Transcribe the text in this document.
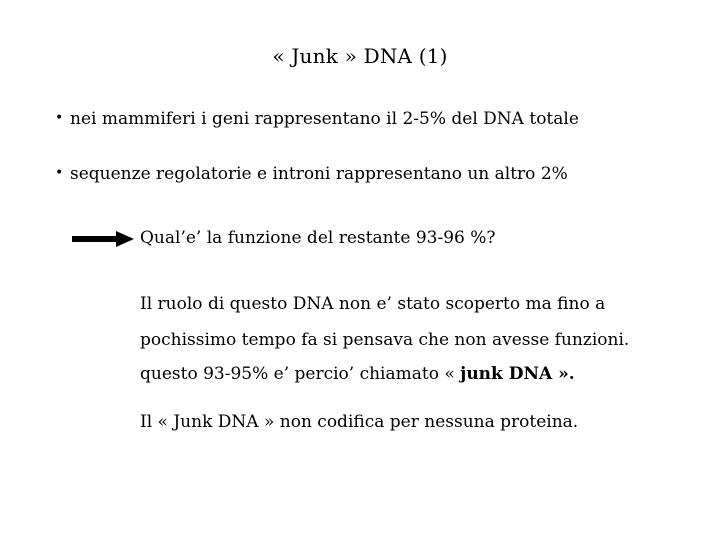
« Junk » DNA (1)
• nei mammiferi i geni rappresentano il 2-5% del DNA totale
• sequenze regolatorie e introni rappresentano un altro 2%
Qual’e’ la funzione del restante 93-96 %?
Il ruolo di questo DNA non e’ stato scoperto ma fino a
pochissimo tempo fa si pensava che non avesse funzioni.
questo 93-95% e’ percio’ chiamato « junk DNA ».
Il « Junk DNA » non codifica per nessuna proteina.
